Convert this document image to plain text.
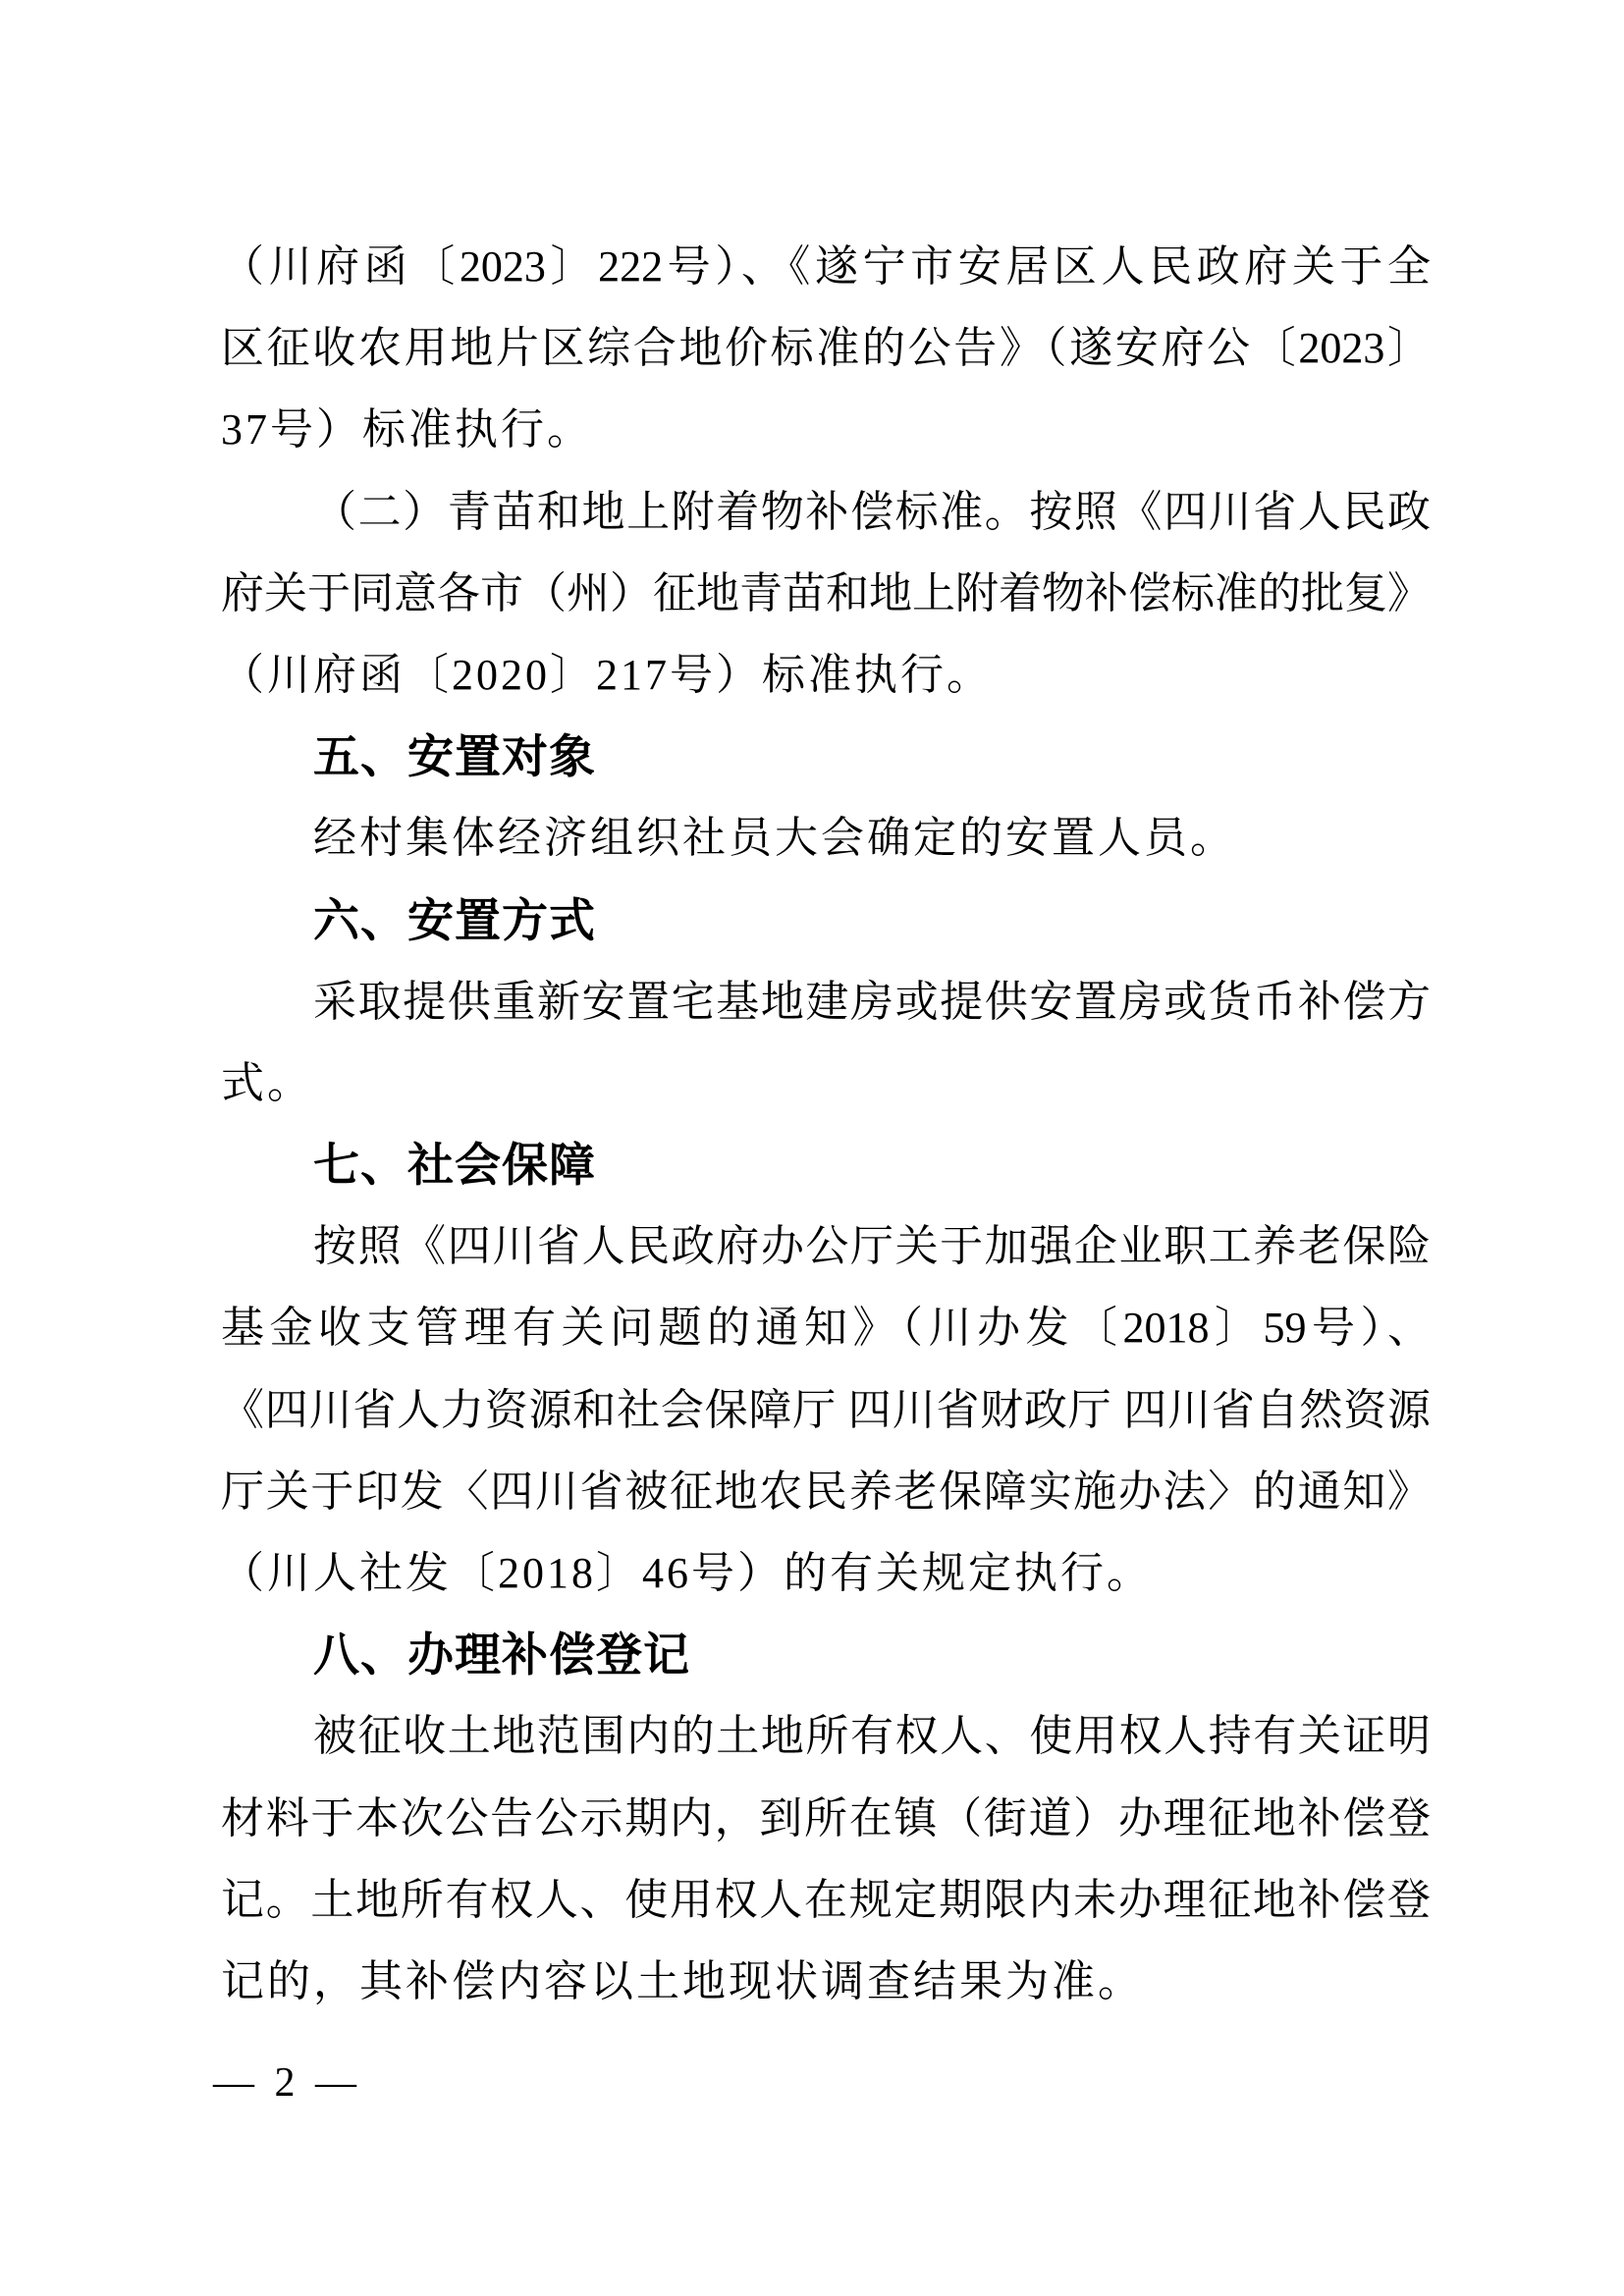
（川府函〔2023〕222号）、《遂宁市安居区人民政府关于全
区征收农用地片区综合地价标准的公告》（遂安府公〔2023〕
37号）标准执行。
（二）青苗和地上附着物补偿标准。按照《四川省人民政
府关于同意各市（州）征地青苗和地上附着物补偿标准的批复》
（川府函〔2020〕217号）标准执行。
五、安置对象
经村集体经济组织社员大会确定的安置人员。
六、安置方式
采取提供重新安置宅基地建房或提供安置房或货币补偿方
式。
七、社会保障
按照《四川省人民政府办公厅关于加强企业职工养老保险
基金收支管理有关问题的通知》（川办发〔2018〕59号）、
《四川省人力资源和社会保障厅 四川省财政厅 四川省自然资源
厅关于印发〈四川省被征地农民养老保障实施办法〉的通知》
（川人社发〔2018〕46号）的有关规定执行。
八、办理补偿登记
被征收土地范围内的土地所有权人、使用权人持有关证明
材料于本次公告公示期内，到所在镇（街道）办理征地补偿登
记。土地所有权人、使用权人在规定期限内未办理征地补偿登
记的，其补偿内容以土地现状调查结果为准。
— 2 —
